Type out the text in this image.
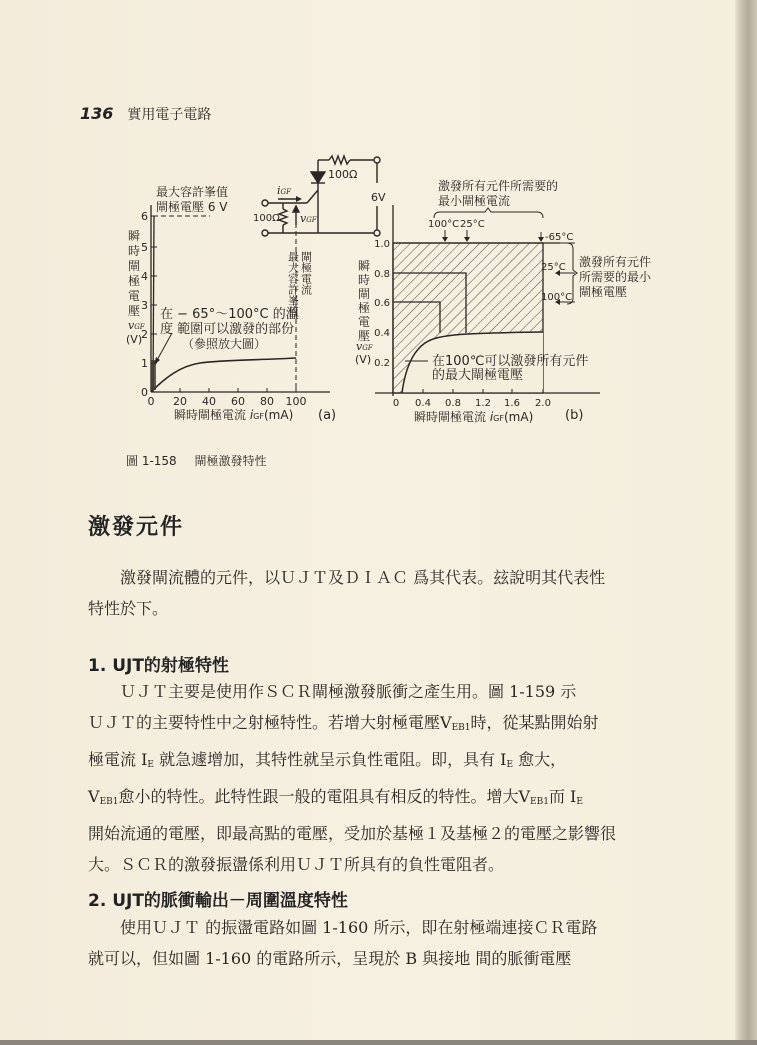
136 實用電子電路
100Ω
6V
100Ω
iGF
vGF
0
1
2
3
4
5
6
0 20 40 60 80 100
最大容許峯值
閘極電壓 6 V
在 − 65°～100°C 的溫
度 範圍可以激發的部份
（參照放大圖）
最大容許峯值 閘極電流
瞬
時
閘
極
電
壓
vGF
(V)
瞬時閘極電流 iGF(mA) (a)
0.2
0.4
0.6
0.8
1.0
0 0.4 0.8 1.2 1.6 2.0
激發所有元件所需要的
最小閘極電流
100°C 25°C
-65°C
25°C
100°C
激發所有元件
所需要的最小
閘極電壓
在100℃可以激發所有元件
的最大閘極電壓
瞬
時
閘
極
電
壓
vGF
(V)
瞬時閘極電流 iGF(mA) (b)
圖 1-158 閘極激發特性
激發元件
激發閘流體的元件，以ＵＪＴ及ＤＩＡＣ 爲其代表。玆說明其代表性
特性於下。
1. UJT的射極特性
ＵＪＴ主要是使用作ＳＣＲ閘極激發脈衝之產生用。圖 1-159 示
ＵＪＴ的主要特性中之射極特性。若增大射極電壓$V_{EB1}$時，從某點開始射
極電流 $I_E$ 就急遽增加，其特性就呈示負性電阻。即，具有 $I_E$ 愈大，
$V_{EB1}$愈小的特性。此特性跟一般的電阻具有相反的特性。增大$V_{EB1}$而 $I_E$
開始流通的電壓，即最高點的電壓，受加於基極１及基極２的電壓之影響很
大。ＳＣＲ的激發振盪係利用ＵＪＴ所具有的負性電阻者。
2. UJT的脈衝輸出－周圍溫度特性
使用ＵＪＴ 的振盪電路如圖 1-160 所示，即在射極端連接ＣＲ電路
就可以，但如圖 1-160 的電路所示，呈現於 B 與接地 間的脈衝電壓
